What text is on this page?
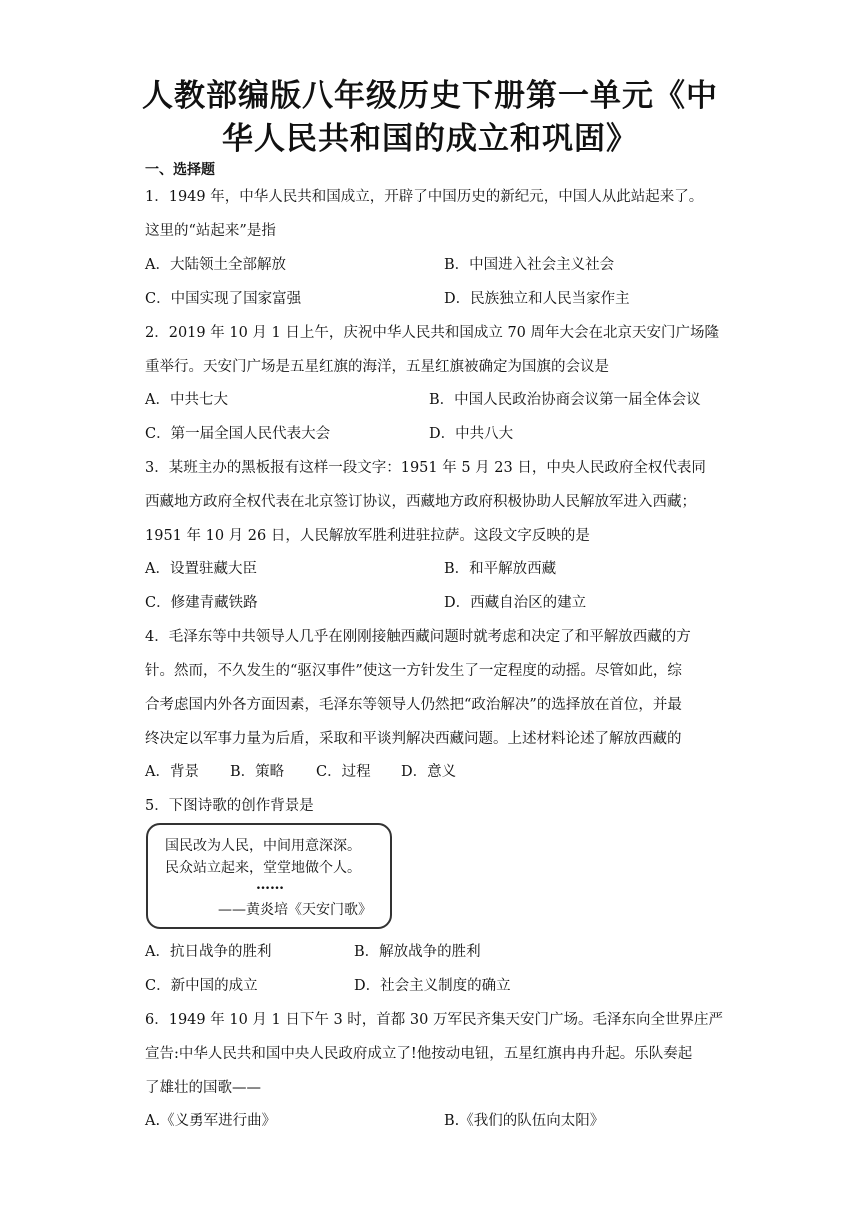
人教部编版八年级历史下册第一单元《中
华人民共和国的成立和巩固》
一、选择题
1．1949 年，中华人民共和国成立，开辟了中国历史的新纪元，中国人从此站起来了。
这里的“站起来”是指
A．大陆领土全部解放	B．中国进入社会主义社会
C．中国实现了国家富强	D．民族独立和人民当家作主
2．2019 年 10 月 1 日上午，庆祝中华人民共和国成立 70 周年大会在北京天安门广场隆
重举行。天安门广场是五星红旗的海洋，五星红旗被确定为国旗的会议是
A．中共七大	B．中国人民政治协商会议第一届全体会议
C．第一届全国人民代表大会	D．中共八大
3．某班主办的黑板报有这样一段文字：1951 年 5 月 23 日，中央人民政府全权代表同
西藏地方政府全权代表在北京签订协议，西藏地方政府积极协助人民解放军进入西藏；
1951 年 10 月 26 日，人民解放军胜利进驻拉萨。这段文字反映的是
A．设置驻藏大臣	B．和平解放西藏
C．修建青藏铁路	D．西藏自治区的建立
4．毛泽东等中共领导人几乎在刚刚接触西藏问题时就考虑和决定了和平解放西藏的方
针。然而，不久发生的“驱汉事件”使这一方针发生了一定程度的动摇。尽管如此，综
合考虑国内外各方面因素，毛泽东等领导人仍然把“政治解决”的选择放在首位，并最
终决定以军事力量为后盾，采取和平谈判解决西藏问题。上述材料论述了解放西藏的
A．背景 B．策略 C．过程 D．意义
5．下图诗歌的创作背景是
国民改为人民，中间用意深深。
民众站立起来，堂堂地做个人。
……
——黄炎培《天安门歌》
A．抗日战争的胜利	B．解放战争的胜利
C．新中国的成立	D．社会主义制度的确立
6．1949 年 10 月 1 日下午 3 时，首都 30 万军民齐集天安门广场。毛泽东向全世界庄严
宣告:中华人民共和国中央人民政府成立了!他按动电钮，五星红旗冉冉升起。乐队奏起
了雄壮的国歌——
A.《义勇军进行曲》	B.《我们的队伍向太阳》
